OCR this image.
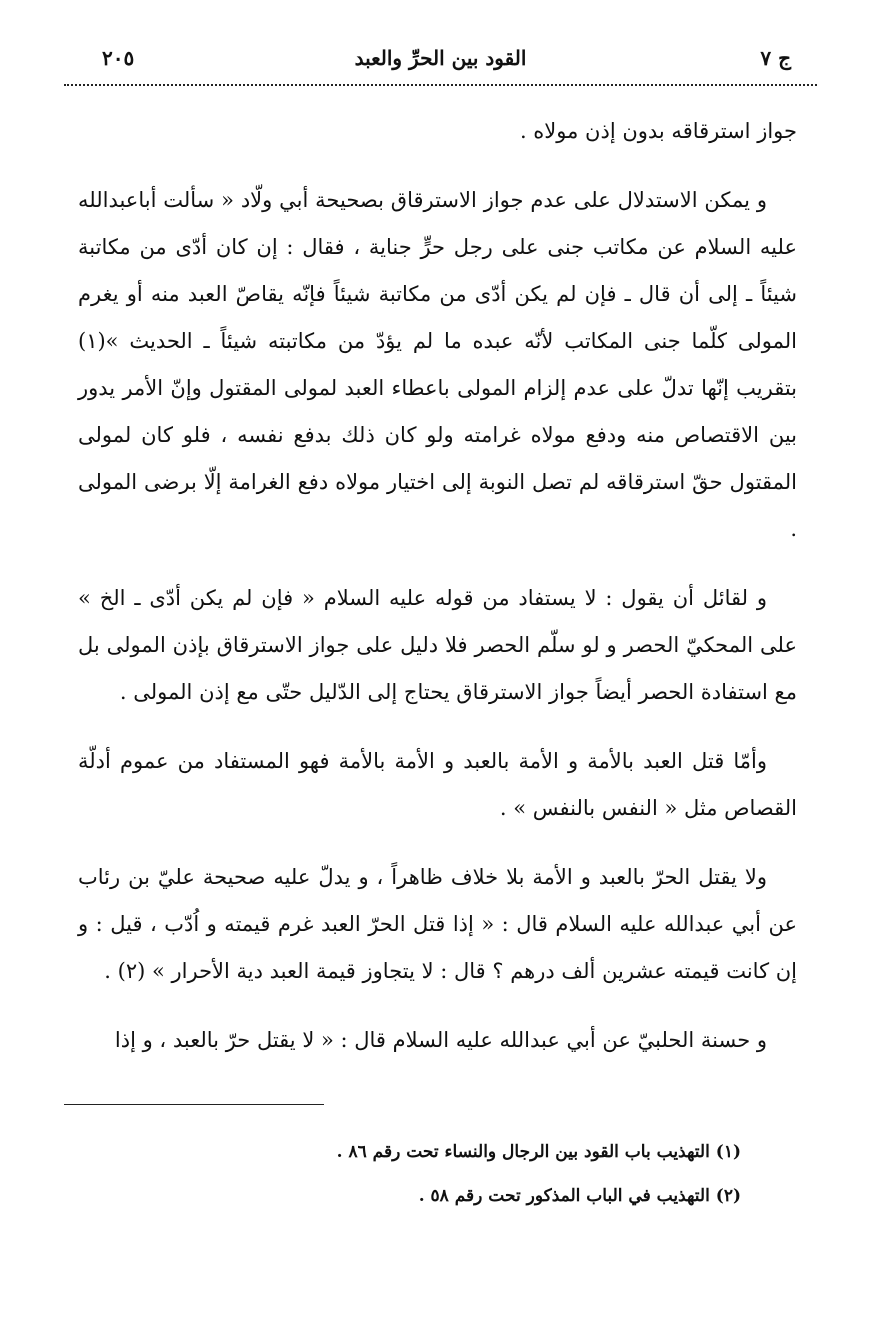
ج ٧
القود بين الحرِّ والعبد
٢٠٥

جواز استرقاقه بدون إذن مولاه .

و يمكن الاستدلال على عدم جواز الاسترقاق بصحيحة أبي ولّاد « سألت أباعبدالله عليه السلام عن مكاتب جنى على رجل حرٍّ جناية ، فقال : إن كان أدّى من مكاتبة شيئاً ـ إلى أن قال ـ فإن لم يكن أدّى من مكاتبة شيئاً فإنّه يقاصّ العبد منه أو يغرم المولى كلّما جنى المكاتب لأنّه عبده ما لم يؤدّ من مكاتبته شيئاً ـ الحديث »(١) بتقريب إنّها تدلّ على عدم إلزام المولى باعطاء العبد لمولى المقتول وإنّ الأمر يدور بين الاقتصاص منه ودفع مولاه غرامته ولو كان ذلك بدفع نفسه ، فلو كان لمولى المقتول حقّ استرقاقه لم تصل النوبة إلى اختيار مولاه دفع الغرامة إلّا برضى المولى .

و لقائل أن يقول : لا يستفاد من قوله عليه السلام « فإن لم يكن أدّى ـ الخ » على المحكيّ الحصر و لو سلّم الحصر فلا دليل على جواز الاسترقاق بإذن المولى بل مع استفادة الحصر أيضاً جواز الاسترقاق يحتاج إلى الدّليل حتّى مع إذن المولى .

وأمّا قتل العبد بالأمة و الأمة بالعبد و الأمة بالأمة فهو المستفاد من عموم أدلّة القصاص مثل « النفس بالنفس » .

ولا يقتل الحرّ بالعبد و الأمة بلا خلاف ظاهراً ، و يدلّ عليه صحيحة عليّ بن رئاب عن أبي عبدالله عليه السلام قال : « إذا قتل الحرّ العبد غرم قيمته و اُدّب ، قيل : و إن كانت قيمته عشرين ألف درهم ؟ قال : لا يتجاوز قيمة العبد دية الأحرار » (٢) .

و حسنة الحلبيّ عن أبي عبدالله عليه السلام قال : « لا يقتل حرّ بالعبد ، و إذا

(١) التهذيب باب القود بين الرجال والنساء تحت رقم ٨٦ .
(٢) التهذيب في الباب المذكور تحت رقم ٥٨ .
